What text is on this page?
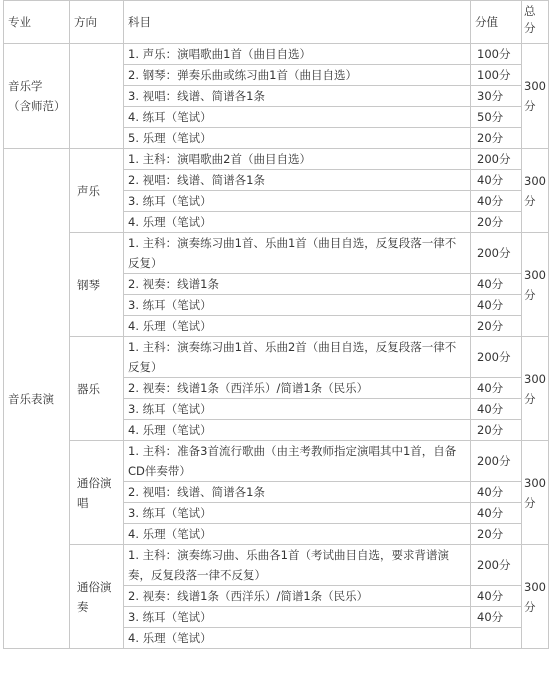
专业	方向	科目	分值	总分
音乐学（含师范）		1. 声乐：演唱歌曲1首（曲目自选）	100分	300分
		2. 钢琴：弹奏乐曲或练习曲1首（曲目自选）	100分	
		3. 视唱：线谱、简谱各1条	30分	
		4. 练耳（笔试）	50分	
		5. 乐理（笔试）	20分	
音乐表演	声乐	1. 主科：演唱歌曲2首（曲目自选）	200分	300分
		2. 视唱：线谱、简谱各1条	40分	
		3. 练耳（笔试）	40分	
		4. 乐理（笔试）	20分	
	钢琴	1. 主科：演奏练习曲1首、乐曲1首（曲目自选，反复段落一律不反复）	200分	300分
		2. 视奏：线谱1条	40分	
		3. 练耳（笔试）	40分	
		4. 乐理（笔试）	20分	
	器乐	1. 主科：演奏练习曲1首、乐曲2首（曲目自选，反复段落一律不反复）	200分	300分
		2. 视奏：线谱1条（西洋乐）/简谱1条（民乐）	40分	
		3. 练耳（笔试）	40分	
		4. 乐理（笔试）	20分	
	通俗演唱	1. 主科：准备3首流行歌曲（由主考教师指定演唱其中1首，自备CD伴奏带）	200分	300分
		2. 视唱：线谱、简谱各1条	40分	
		3. 练耳（笔试）	40分	
		4. 乐理（笔试）	20分	
	通俗演奏	1. 主科：演奏练习曲、乐曲各1首（考试曲目自选，要求背谱演奏，反复段落一律不反复）	200分	300分
		2. 视奏：线谱1条（西洋乐）/简谱1条（民乐）	40分	
		3. 练耳（笔试）	40分	
		4. 乐理（笔试）		
